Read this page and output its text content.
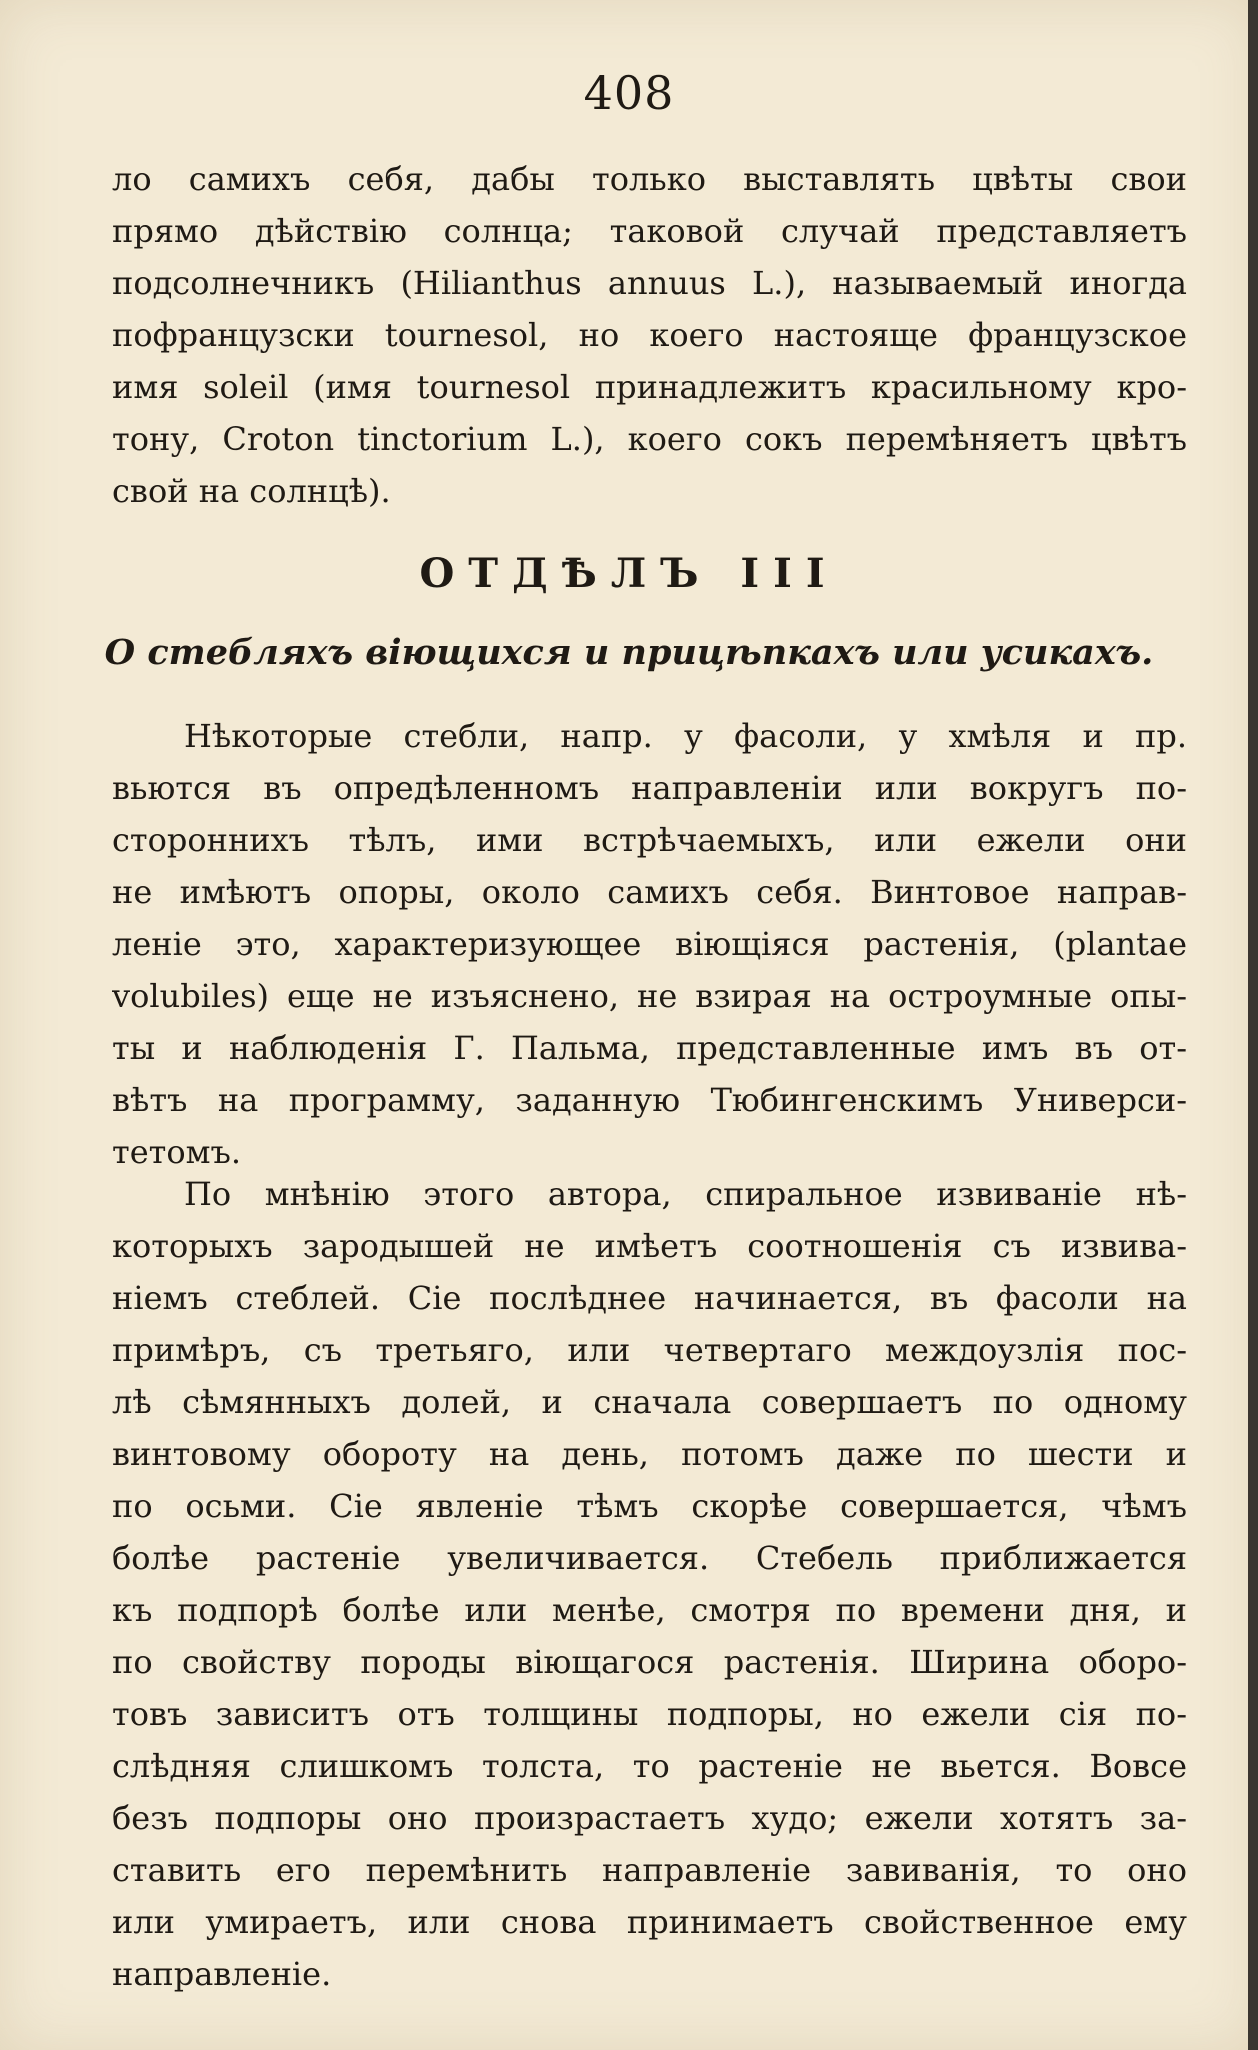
408
ло самихъ себя, дабы только выставлять цвѣты свои
прямо дѣйствію солнца; таковой случай представляетъ
подсолнечникъ (Hilianthus annuus L.), называемый иногда
пофранцузски tournesol, но коего настояще французское
имя soleil (имя tournesol принадлежитъ красильному кро-
тону, Croton tinctorium L.), коего сокъ перемѣняетъ цвѣтъ
свой на солнцѣ).
ОТДѢЛЪ III
О стебляхъ віющихся и прицѣпкахъ или усикахъ.
Нѣкоторые стебли, напр. у фасоли, у хмѣля и пр.
вьются въ опредѣленномъ направленіи или вокругъ по-
стороннихъ тѣлъ, ими встрѣчаемыхъ, или ежели они
не имѣютъ опоры, около самихъ себя. Винтовое направ-
леніе это, характеризующее віющіяся растенія, (plantae
volubiles) еще не изъяснено, не взирая на остроумные опы-
ты и наблюденія Г. Пальма, представленные имъ въ от-
вѣтъ на программу, заданную Тюбингенскимъ Универси-
тетомъ.
По мнѣнію этого автора, спиральное извиваніе нѣ-
которыхъ зародышей не имѣетъ соотношенія съ извива-
ніемъ стеблей. Сіе послѣднее начинается, въ фасоли на
примѣръ, съ третьяго, или четвертаго междоузлія пос-
лѣ сѣмянныхъ долей, и сначала совершаетъ по одному
винтовому обороту на день, потомъ даже по шести и
по осьми. Сіе явленіе тѣмъ скорѣе совершается, чѣмъ
болѣе растеніе увеличивается. Стебель приближается
къ подпорѣ болѣе или менѣе, смотря по времени дня, и
по свойству породы віющагося растенія. Ширина оборо-
товъ зависитъ отъ толщины подпоры, но ежели сія по-
слѣдняя слишкомъ толста, то растеніе не вьется. Вовсе
безъ подпоры оно произрастаетъ худо; ежели хотятъ за-
ставить его перемѣнить направленіе завиванія, то оно
или умираетъ, или снова принимаетъ свойственное ему
направленіе.
